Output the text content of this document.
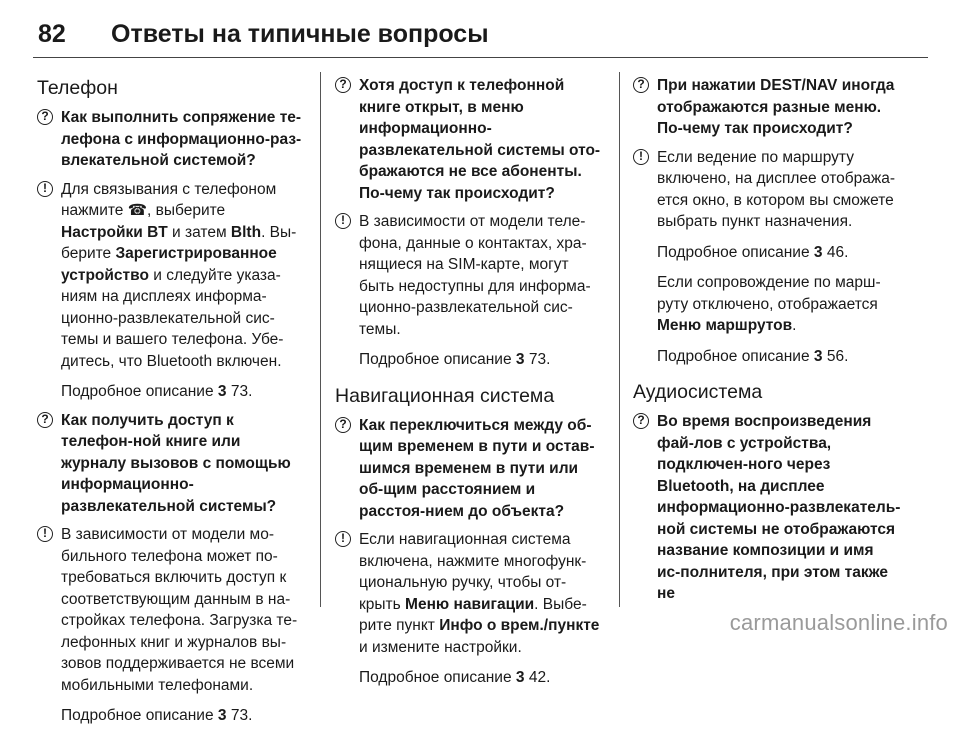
82 Ответы на типичные вопросы
Телефон
? Как выполнить сопряжение те-лефона с информационно-раз-влекательной системой?

! Для связывания с телефоном нажмите ☎, выберите Настройки BT и затем Blth. Вы-берите Зарегистрированное устройство и следуйте указа-ниям на дисплеях информа-ционно-развлекательной сис-темы и вашего телефона. Убе-дитесь, что Bluetooth включен.

Подробное описание 3 73.

? Как получить доступ к телефон-ной книге или журналу вызовов с помощью информационно-развлекательной системы?

! В зависимости от модели мо-бильного телефона может по-требоваться включить доступ к соответствующим данным в на-стройках телефона. Загрузка те-лефонных книг и журналов вы-зовов поддерживается не всеми мобильными телефонами.

Подробное описание 3 73.

? Хотя доступ к телефонной книге открыт, в меню информационно-развлекательной системы ото-бражаются не все абоненты. По-чему так происходит?

! В зависимости от модели теле-фона, данные о контактах, хра-нящиеся на SIM-карте, могут быть недоступны для информа-ционно-развлекательной сис-темы.

Подробное описание 3 73.

Навигационная система
? Как переключиться между об-щим временем в пути и остав-шимся временем в пути или об-щим расстоянием и расстоя-нием до объекта?

! Если навигационная система включена, нажмите многофунк-циональную ручку, чтобы от-крыть Меню навигации. Выбе-рите пункт Инфо о врем./пункте и измените настройки.

Подробное описание 3 42.

? При нажатии DEST/NAV иногда отображаются разные меню. По-чему так происходит?

! Если ведение по маршруту включено, на дисплее отобража-ется окно, в котором вы сможете выбрать пункт назначения.

Подробное описание 3 46.

Если сопровождение по марш-руту отключено, отображается Меню маршрутов.

Подробное описание 3 56.

Аудиосистема
? Во время воспроизведения фай-лов с устройства, подключен-ного через Bluetooth, на дисплее информационно-развлекатель-ной системы не отображаются название композиции и имя ис-полнителя, при этом также не

carmanualsonline.info
